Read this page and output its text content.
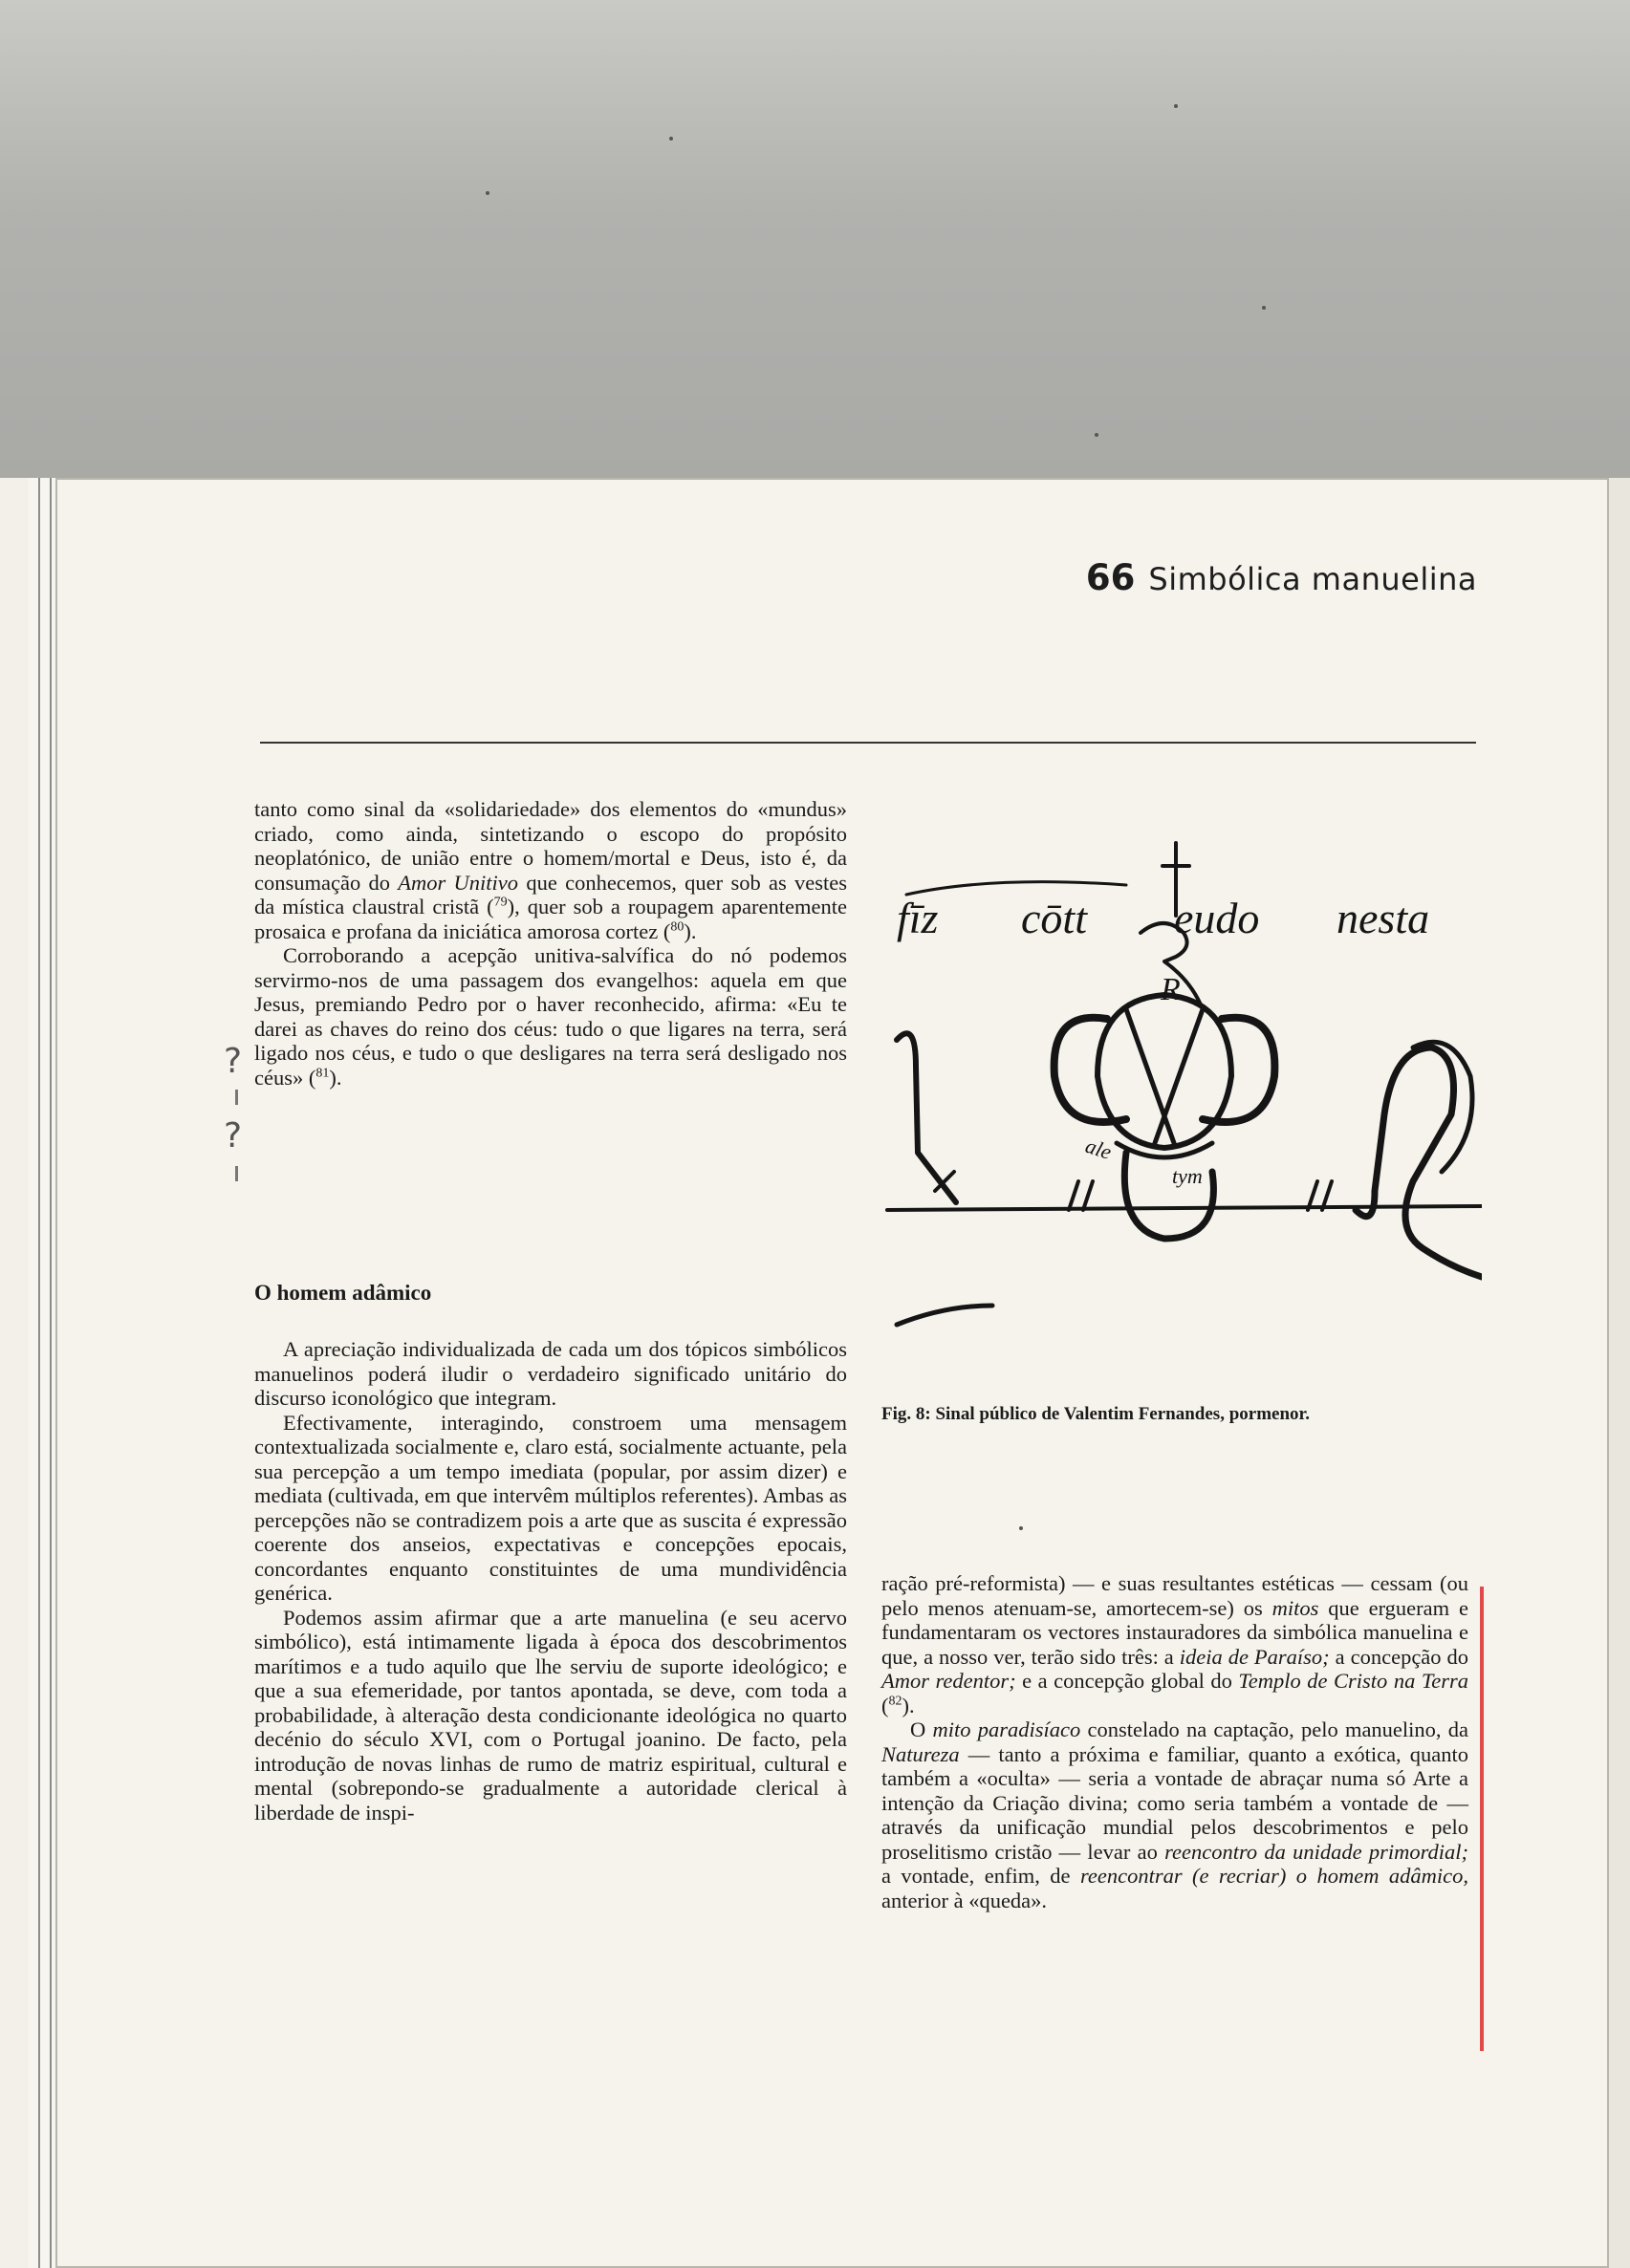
66 Simbólica manuelina

tanto como sinal da «solidariedade» dos elementos do «mundus» criado, como ainda, sintetizando o escopo do propósito neoplatónico, de união entre o homem/mortal e Deus, isto é, da consumação do Amor Unitivo que conhecemos, quer sob as vestes da mística claustral cristã ($^{79}$), quer sob a roupagem aparentemente prosaica e profana da iniciática amorosa cortez ($^{80}$).

Corroborando a acepção unitiva-salvífica do nó podemos servirmo-nos de uma passagem dos evangelhos: aquela em que Jesus, premiando Pedro por o haver reconhecido, afirma: «Eu te darei as chaves do reino dos céus: tudo o que ligares na terra, será ligado nos céus, e tudo o que desligares na terra será desligado nos céus» ($^{81}$).

O homem adâmico

A apreciação individualizada de cada um dos tópicos simbólicos manuelinos poderá iludir o verdadeiro significado unitário do discurso iconológico que integram.

Efectivamente, interagindo, constroem uma mensagem contextualizada socialmente e, claro está, socialmente actuante, pela sua percepção a um tempo imediata (popular, por assim dizer) e mediata (cultivada, em que intervêm múltiplos referentes). Ambas as percepções não se contradizem pois a arte que as suscita é expressão coerente dos anseios, expectativas e concepções epocais, concordantes enquanto constituintes de uma mundividência genérica.

Podemos assim afirmar que a arte manuelina (e seu acervo simbólico), está intimamente ligada à época dos descobrimentos marítimos e a tudo aquilo que lhe serviu de suporte ideológico; e que a sua efemeridade, por tantos apontada, se deve, com toda a probabilidade, à alteração desta condicionante ideológica no quarto decénio do século XVI, com o Portugal joanino. De facto, pela introdução de novas linhas de rumo de matriz espiritual, cultural e mental (sobrepondo-se gradualmente a autoridade clerical à liberdade de inspi-

fīz cōtt eudo nesta
R
ale
tym
Fig. 8: Sinal público de Valentim Fernandes, pormenor.

ração pré-reformista) — e suas resultantes estéticas — cessam (ou pelo menos atenuam-se, amortecem-se) os mitos que ergueram e fundamentaram os vectores instauradores da simbólica manuelina e que, a nosso ver, terão sido três: a ideia de Paraíso; a concepção do Amor redentor; e a concepção global do Templo de Cristo na Terra ($^{82}$).

O mito paradisíaco constelado na captação, pelo manuelino, da Natureza — tanto a próxima e familiar, quanto a exótica, quanto também a «oculta» — seria a vontade de abraçar numa só Arte a intenção da Criação divina; como seria também a vontade de — através da unificação mundial pelos descobrimentos e pelo proselitismo cristão — levar ao reencontro da unidade primordial; a vontade, enfim, de reencontrar (e recriar) o homem adâmico, anterior à «queda».

?
?
